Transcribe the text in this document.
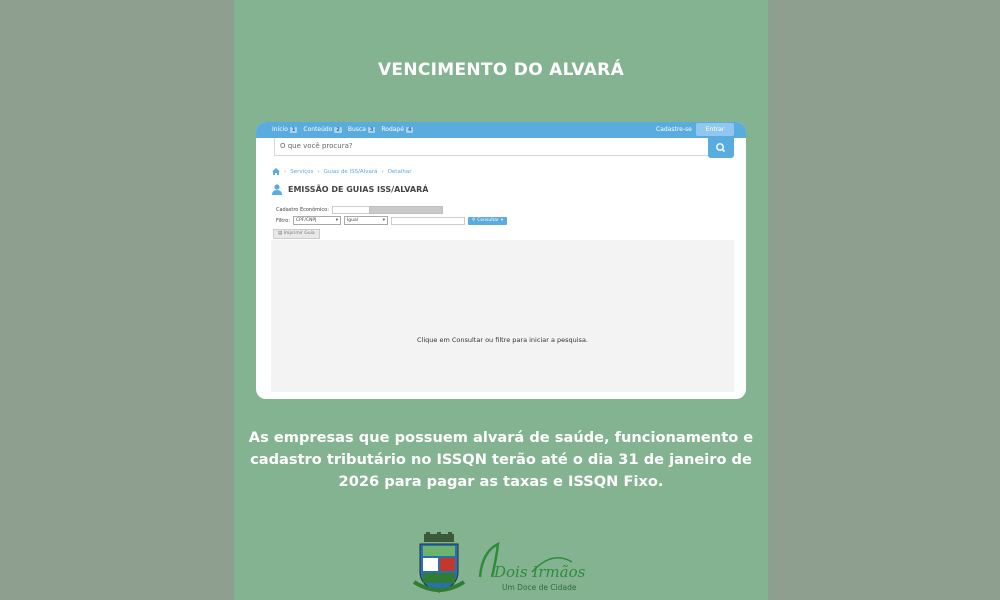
VENCIMENTO DO ALVARÁ
Início 1	Conteúdo 2	Busca 3	Rodapé 4	Cadastre-se	Entrar
O que você procura?
› Serviços › Guias de ISS/Alvará › Detalhar
EMISSÃO DE GUIAS ISS/ALVARÁ
Cadastro Econômico:
Filtro: CPF/CNPJ	▾ Igual	▾	⚲ Consultar ▾
▤ Imprimir Guia
Clique em Consultar ou filtre para iniciar a pesquisa.
As empresas que possuem alvará de saúde, funcionamento e cadastro tributário no ISSQN terão até o dia 31 de janeiro de 2026 para pagar as taxas e ISSQN Fixo.
Dois Irmãos
Um Doce de Cidade
